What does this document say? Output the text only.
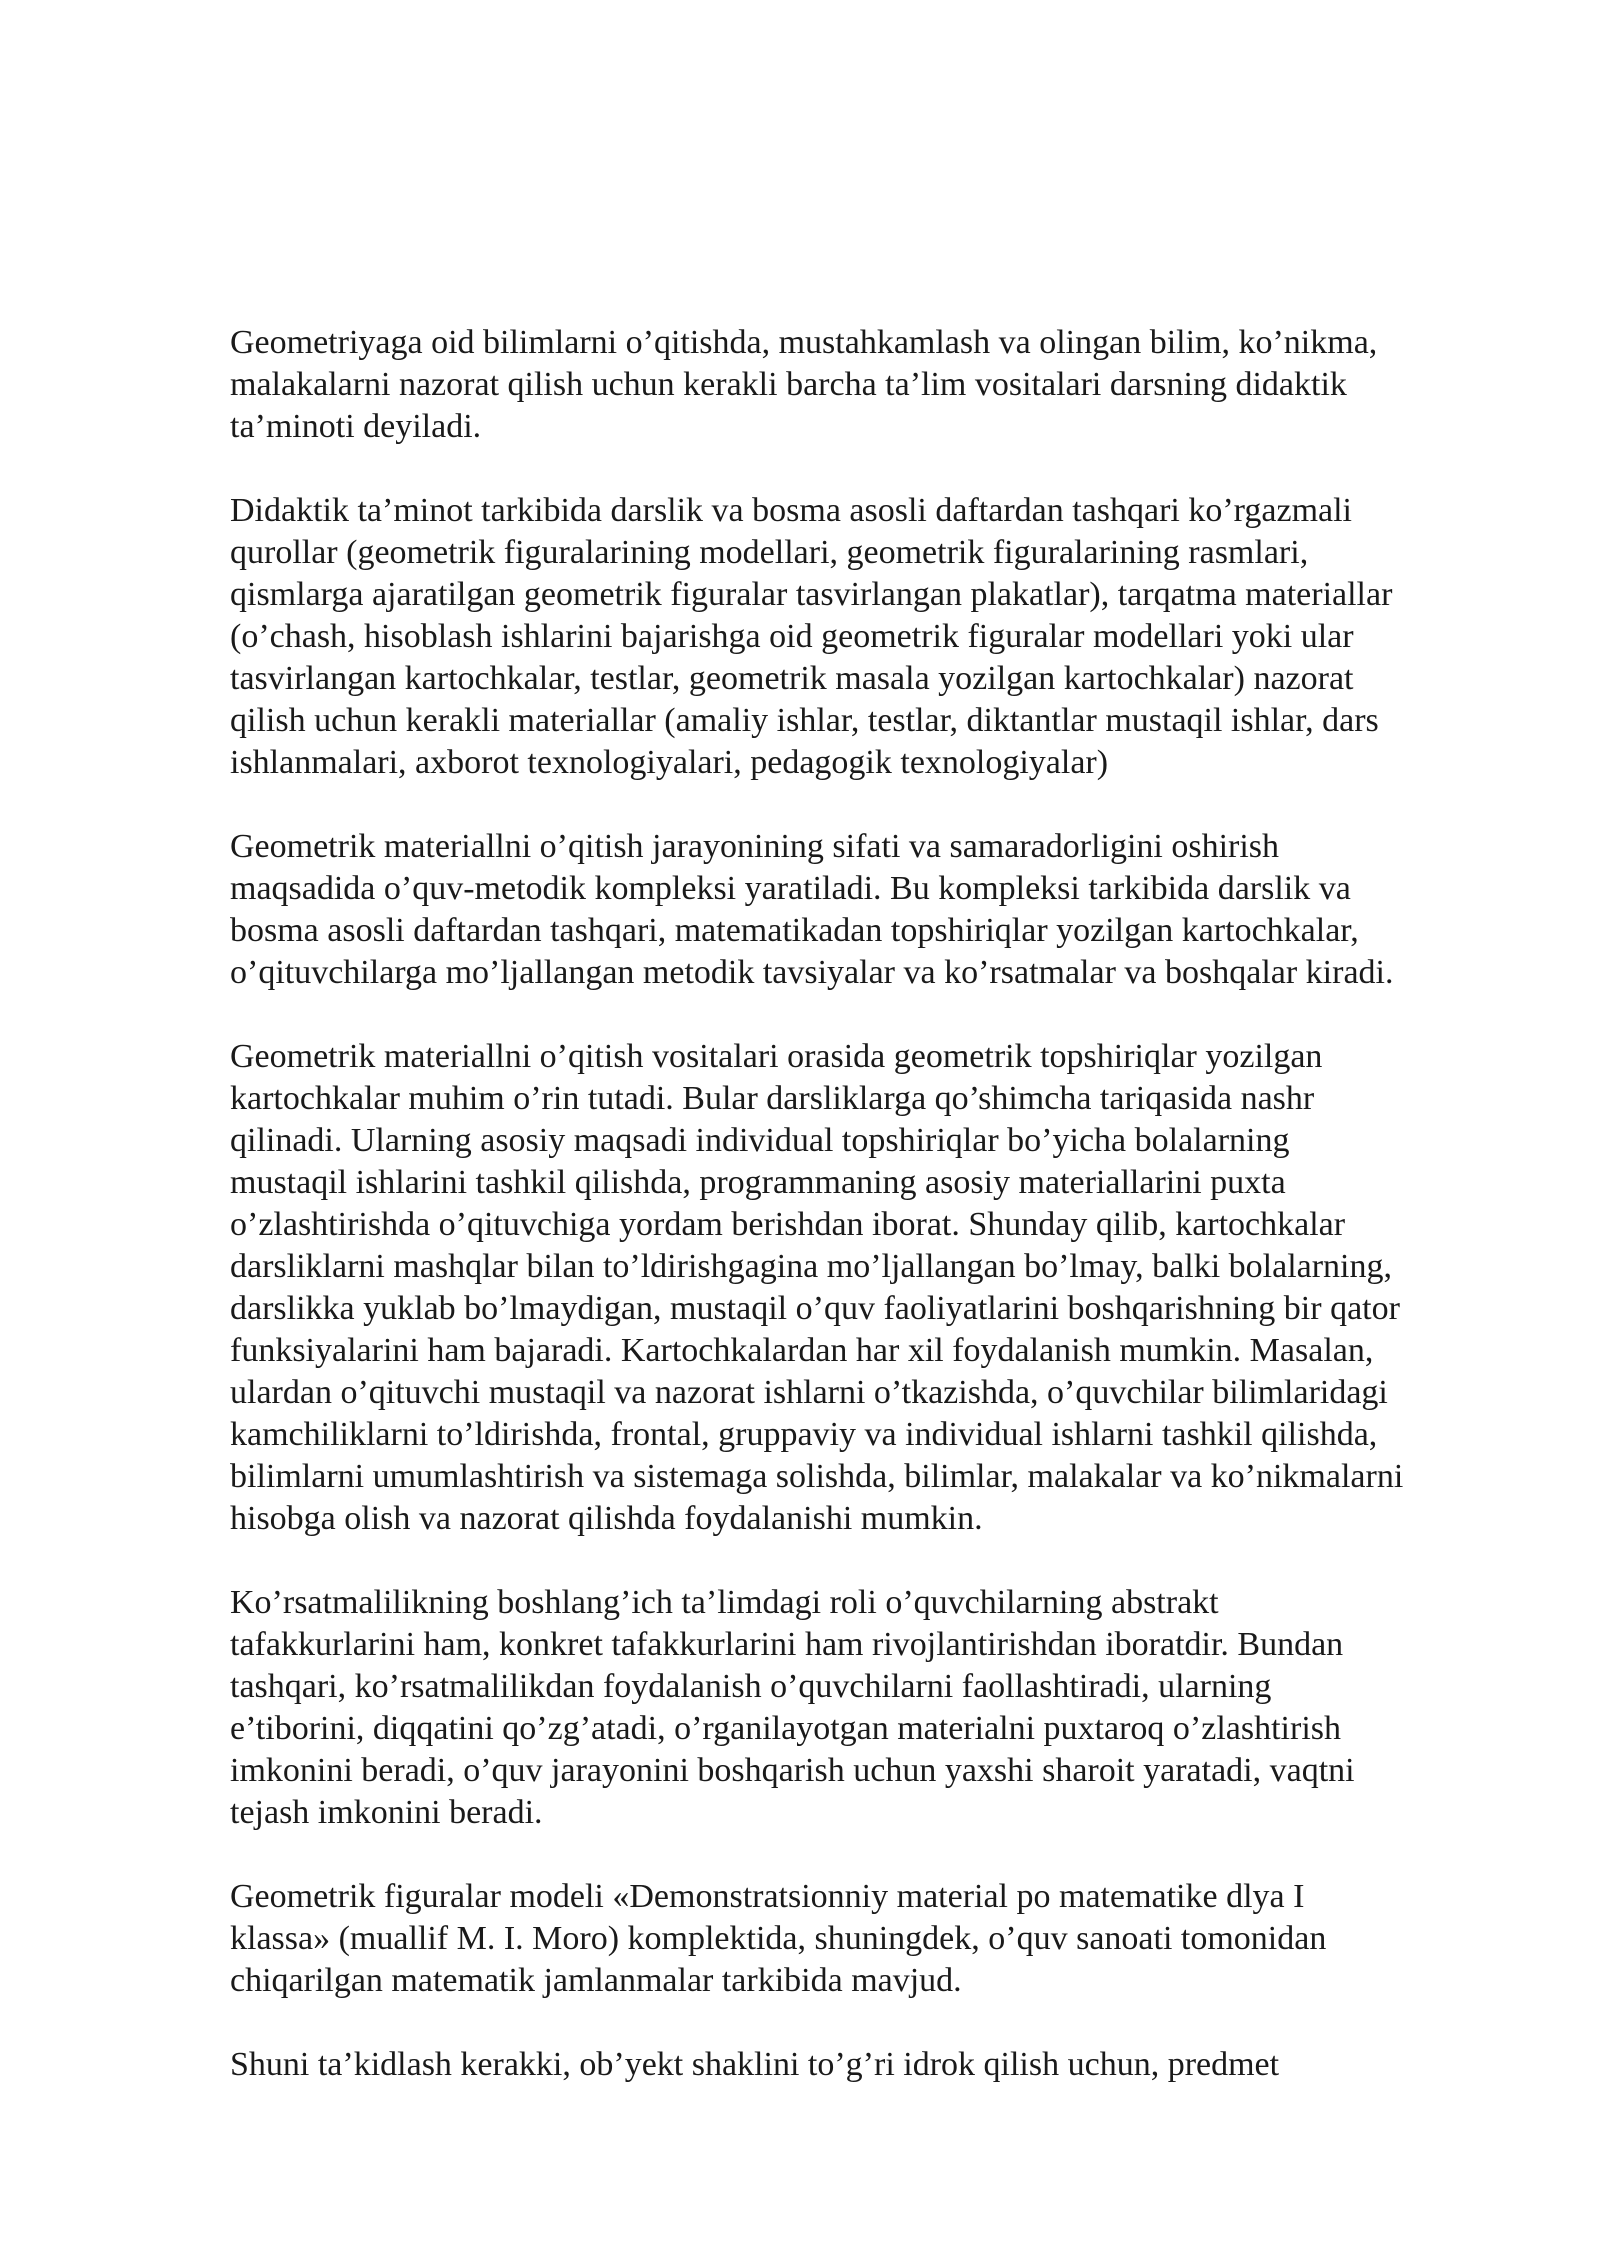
Geometriyaga oid bilimlarni o’qitishda, mustahkamlash va olingan bilim, ko’nikma,
malakalarni nazorat qilish uchun kerakli barcha ta’lim vositalari darsning didaktik
ta’minoti deyiladi.

Didaktik ta’minot tarkibida darslik va bosma asosli daftardan tashqari ko’rgazmali
qurollar (geometrik figuralarining modellari, geometrik figuralarining rasmlari,
qismlarga ajaratilgan geometrik figuralar tasvirlangan plakatlar), tarqatma materiallar
(o’chash, hisoblash ishlarini bajarishga oid geometrik figuralar modellari yoki ular
tasvirlangan kartochkalar, testlar, geometrik masala yozilgan kartochkalar) nazorat
qilish uchun kerakli materiallar (amaliy ishlar, testlar, diktantlar mustaqil ishlar, dars
ishlanmalari, axborot texnologiyalari, pedagogik texnologiyalar)

Geometrik materiallni o’qitish jarayonining sifati va samaradorligini oshirish
maqsadida o’quv-metodik kompleksi yaratiladi. Bu kompleksi tarkibida darslik va
bosma asosli daftardan tashqari, matematikadan topshiriqlar yozilgan kartochkalar,
o’qituvchilarga mo’ljallangan metodik tavsiyalar va ko’rsatmalar va boshqalar kiradi.

Geometrik materiallni o’qitish vositalari orasida geometrik topshiriqlar yozilgan
kartochkalar muhim o’rin tutadi. Bular darsliklarga qo’shimcha tariqasida nashr
qilinadi. Ularning asosiy maqsadi individual topshiriqlar bo’yicha bolalarning
mustaqil ishlarini tashkil qilishda, programmaning asosiy materiallarini puxta
o’zlashtirishda o’qituvchiga yordam berishdan iborat. Shunday qilib, kartochkalar
darsliklarni mashqlar bilan to’ldirishgagina mo’ljallangan bo’lmay, balki bolalarning,
darslikka yuklab bo’lmaydigan, mustaqil o’quv faoliyatlarini boshqarishning bir qator
funksiyalarini ham bajaradi. Kartochkalardan har xil foydalanish mumkin. Masalan,
ulardan o’qituvchi mustaqil va nazorat ishlarni o’tkazishda, o’quvchilar bilimlaridagi
kamchiliklarni to’ldirishda, frontal, gruppaviy va individual ishlarni tashkil qilishda,
bilimlarni umumlashtirish va sistemaga solishda, bilimlar, malakalar va ko’nikmalarni
hisobga olish va nazorat qilishda foydalanishi mumkin.

Ko’rsatmalilikning boshlang’ich ta’limdagi roli o’quvchilarning abstrakt
tafakkurlarini ham, konkret tafakkurlarini ham rivojlantirishdan iboratdir. Bundan
tashqari, ko’rsatmalilikdan foydalanish o’quvchilarni faollashtiradi, ularning
e’tiborini, diqqatini qo’zg’atadi, o’rganilayotgan materialni puxtaroq o’zlashtirish
imkonini beradi, o’quv jarayonini boshqarish uchun yaxshi sharoit yaratadi, vaqtni
tejash imkonini beradi.

Geometrik figuralar modeli «Demonstratsionniy material po matematike dlya I
klassa» (muallif M. I. Moro) komplektida, shuningdek, o’quv sanoati tomonidan
chiqarilgan matematik jamlanmalar tarkibida mavjud.

Shuni ta’kidlash kerakki, ob’yekt shaklini to’g’ri idrok qilish uchun, predmet
